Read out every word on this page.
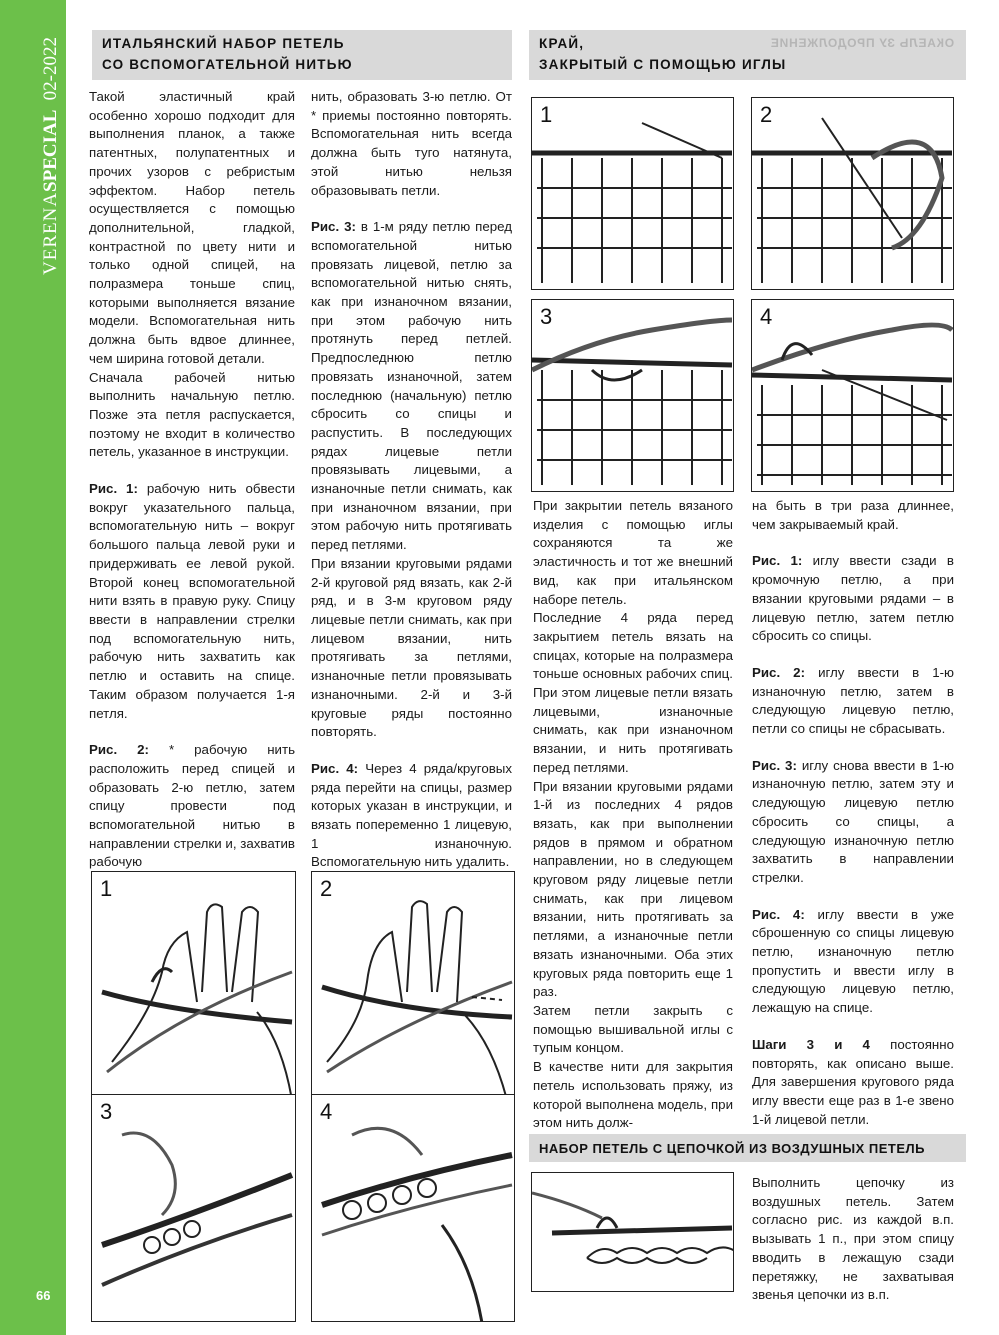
VERENASPECIAL 02-2022
66
ИТАЛЬЯНСКИЙ НАБОР ПЕТЕЛЬ
СО ВСПОМОГАТЕЛЬНОЙ НИТЬЮ
КРАЙ,
ЗАКРЫТЫЙ С ПОМОЩЬЮ ИГЛЫ
ОКАЕЛЬ ЗУ ПРОДОЛЖЕНИЕ

Такой эластичный край особенно хорошо подходит для выполнения планок, а также патентных, полупатентных и прочих узоров с ребристым эффектом. Набор петель осуществляется с помощью дополнительной, гладкой, контрастной по цвету нити и только одной спицей, на полразмера тоньше спиц, которыми выполняется вязание модели. Вспомогательная нить должна быть вдвое длиннее, чем ширина готовой детали.

Сначала рабочей нитью выполнить начальную петлю. Позже эта петля распускается, поэтому не входит в количество петель, указанное в инструкции.

Рис. 1: рабочую нить обвести вокруг указательного пальца, вспомогательную нить – вокруг большого пальца левой руки и придерживать ее левой рукой. Второй конец вспомогательной нити взять в правую руку. Спицу ввести в направлении стрелки под вспомогательную нить, рабочую нить захватить как петлю и оставить на спице. Таким образом получается 1-я петля.

Рис. 2: * рабочую нить расположить перед спицей и образовать 2-ю петлю, затем спицу провести под вспомогательной нитью в направлении стрелки и, захватив рабочую

нить, образовать 3-ю петлю. От * приемы постоянно повторять. Вспомогательная нить всегда должна быть туго натянута, этой нитью нельзя образовывать петли.

Рис. 3: в 1-м ряду петлю перед вспомогательной нитью провязать лицевой, петлю за вспомогательной нитью снять, как при изнаночном вязании, при этом рабочую нить протянуть перед петлей. Предпоследнюю петлю провязать изнаночной, затем последнюю (начальную) петлю сбросить со спицы и распустить. В последующих рядах лицевые петли провязывать лицевыми, а изнаночные петли снимать, как при изнаночном вязании, при этом рабочую нить протягивать перед петлями.

При вязании круговыми рядами 2-й круговой ряд вязать, как 2-й ряд, и в 3-м круговом ряду лицевые петли снимать, как при лицевом вязании, нить протягивать за петлями, изнаночные петли провязывать изнаночными. 2-й и 3-й круговые ряды постоянно повторять.

Рис. 4: Через 4 ряда/круговых ряда перейти на спицы, размер которых указан в инструкции, и вязать попеременно 1 лицевую, 1 изнаночную. Вспомогательную нить удалить.

При закрытии петель вязаного изделия с помощью иглы сохраняются та же эластичность и тот же внешний вид, как при итальянском наборе петель.

Последние 4 ряда перед закрытием петель вязать на спицах, которые на полразмера тоньше основных рабочих спиц. При этом лицевые петли вязать лицевыми, изнаночные снимать, как при изнаночном вязании, и нить протягивать перед петлями.

При вязании круговыми рядами 1-й из последних 4 рядов вязать, как при выполнении рядов в прямом и обратном направлении, но в следующем круговом ряду лицевые петли снимать, как при лицевом вязании, нить протягивать за петлями, а изнаночные петли вязать изнаночными. Оба этих круговых ряда повторить еще 1 раз.

Затем петли закрыть с помощью вышивальной иглы с тупым концом.

В качестве нити для закрытия петель использовать пряжу, из которой выполнена модель, при этом нить долж-

на быть в три раза длиннее, чем закрываемый край.

Рис. 1: иглу ввести сзади в кромочную петлю, а при вязании круговыми рядами – в лицевую петлю, затем петлю сбросить со спицы.

Рис. 2: иглу ввести в 1-ю изнаночную петлю, затем в следующую лицевую петлю, петли со спицы не сбрасывать.

Рис. 3: иглу снова ввести в 1-ю изнаночную петлю, затем эту и следующую лицевую петлю сбросить со спицы, а следующую изнаночную петлю захватить в направлении стрелки.

Рис. 4: иглу ввести в уже сброшенную со спицы лицевую петлю, изнаночную петлю пропустить и ввести иглу в следующую лицевую петлю, лежащую на спице.

Шаги 3 и 4 постоянно повторять, как описано выше. Для завершения кругового ряда иглу ввести еще раз в 1-е звено 1-й лицевой петли.

1	2
3	4
1	2
3	4
НАБОР ПЕТЕЛЬ С ЦЕПОЧКОЙ ИЗ ВОЗДУШНЫХ ПЕТЕЛЬ

Выполнить цепочку из воздушных петель. Затем согласно рис. из каждой в.п. вызывать 1 п., при этом спицу вводить в лежащую сзади перетяжку, не захватывая звенья цепочки из в.п.
